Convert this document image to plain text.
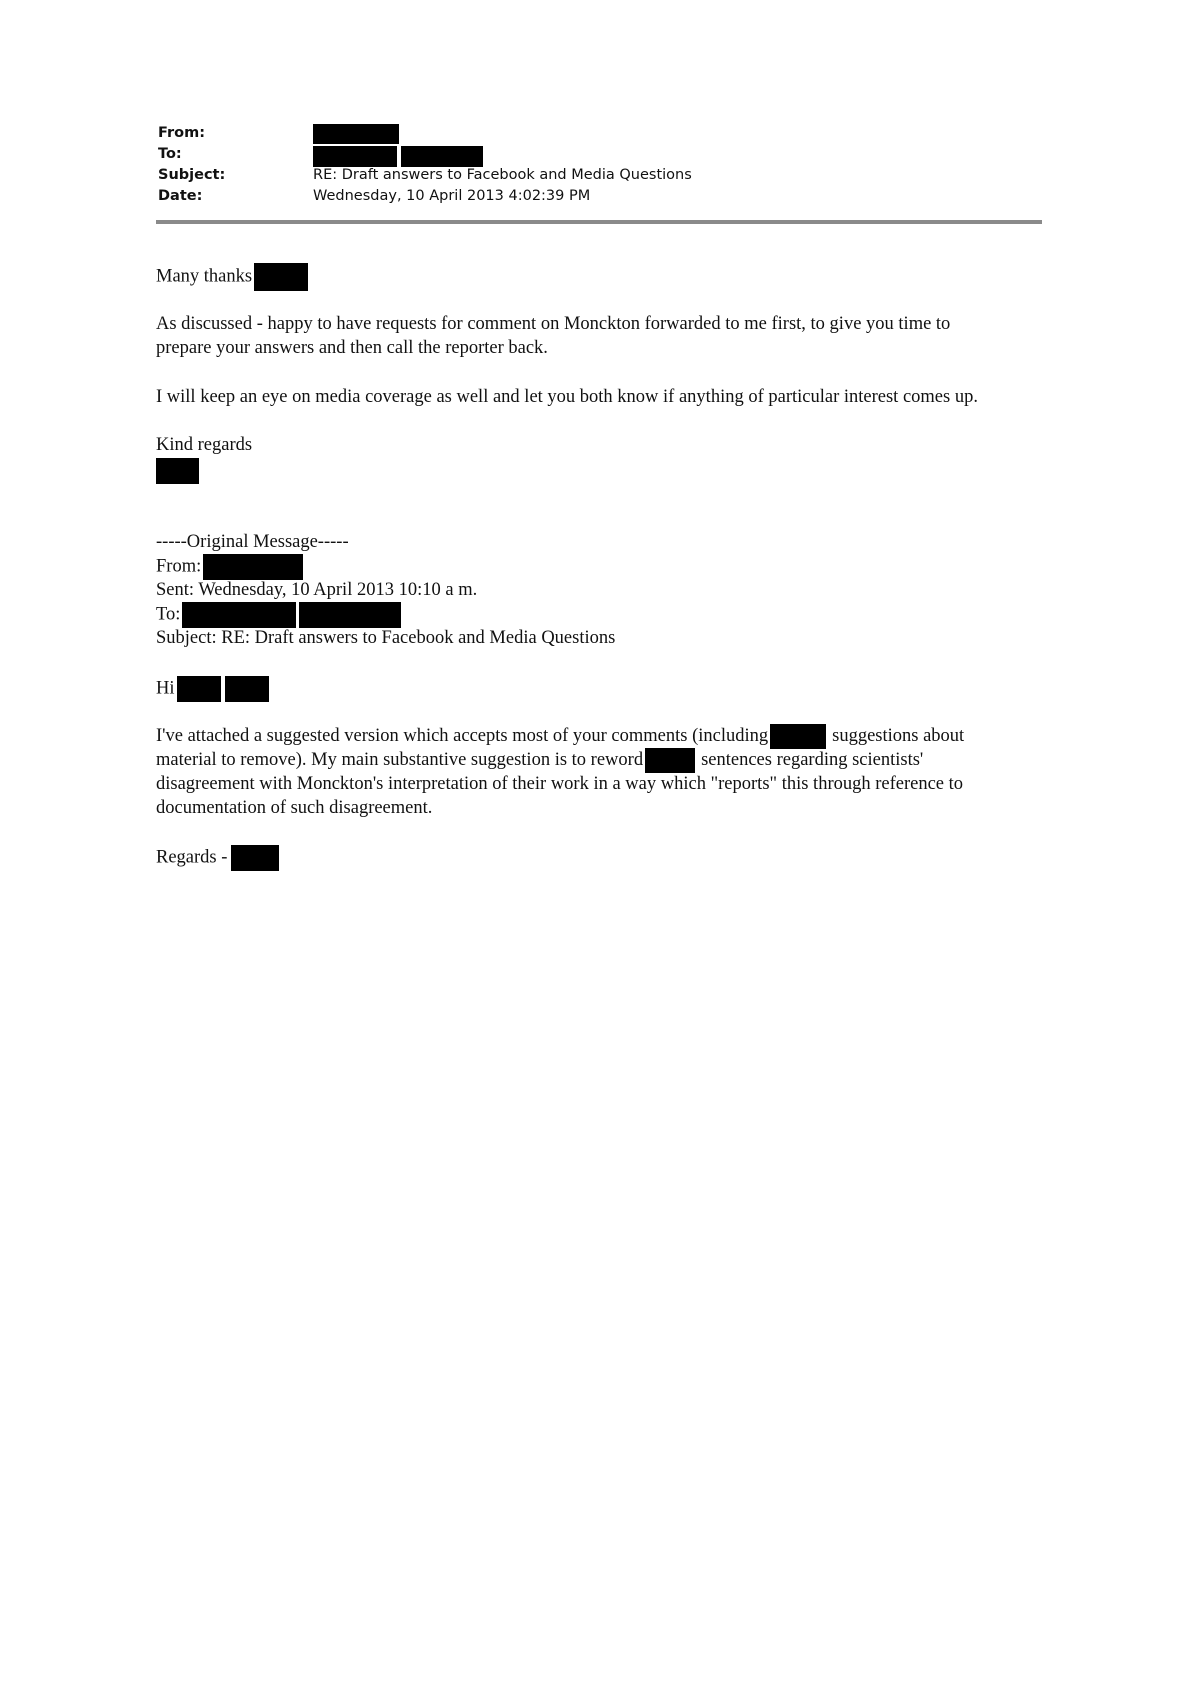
From:
To:
Subject:
Date:
RE: Draft answers to Facebook and Media Questions
Wednesday, 10 April 2013 4:02:39 PM
Many thanks
As discussed - happy to have requests for comment on Monckton forwarded to me first, to give you time to
prepare your answers and then call the reporter back.
I will keep an eye on media coverage as well and let you both know if anything of particular interest comes up.
Kind regards
-----Original Message-----
From:
Sent: Wednesday, 10 April 2013 10:10 a m.
To:
Subject: RE: Draft answers to Facebook and Media Questions
Hi
I've attached a suggested version which accepts most of your comments (including	suggestions about
material to remove). My main substantive suggestion is to reword	sentences regarding scientists'
disagreement with Monckton's interpretation of their work in a way which "reports" this through reference to
documentation of such disagreement.
Regards -
